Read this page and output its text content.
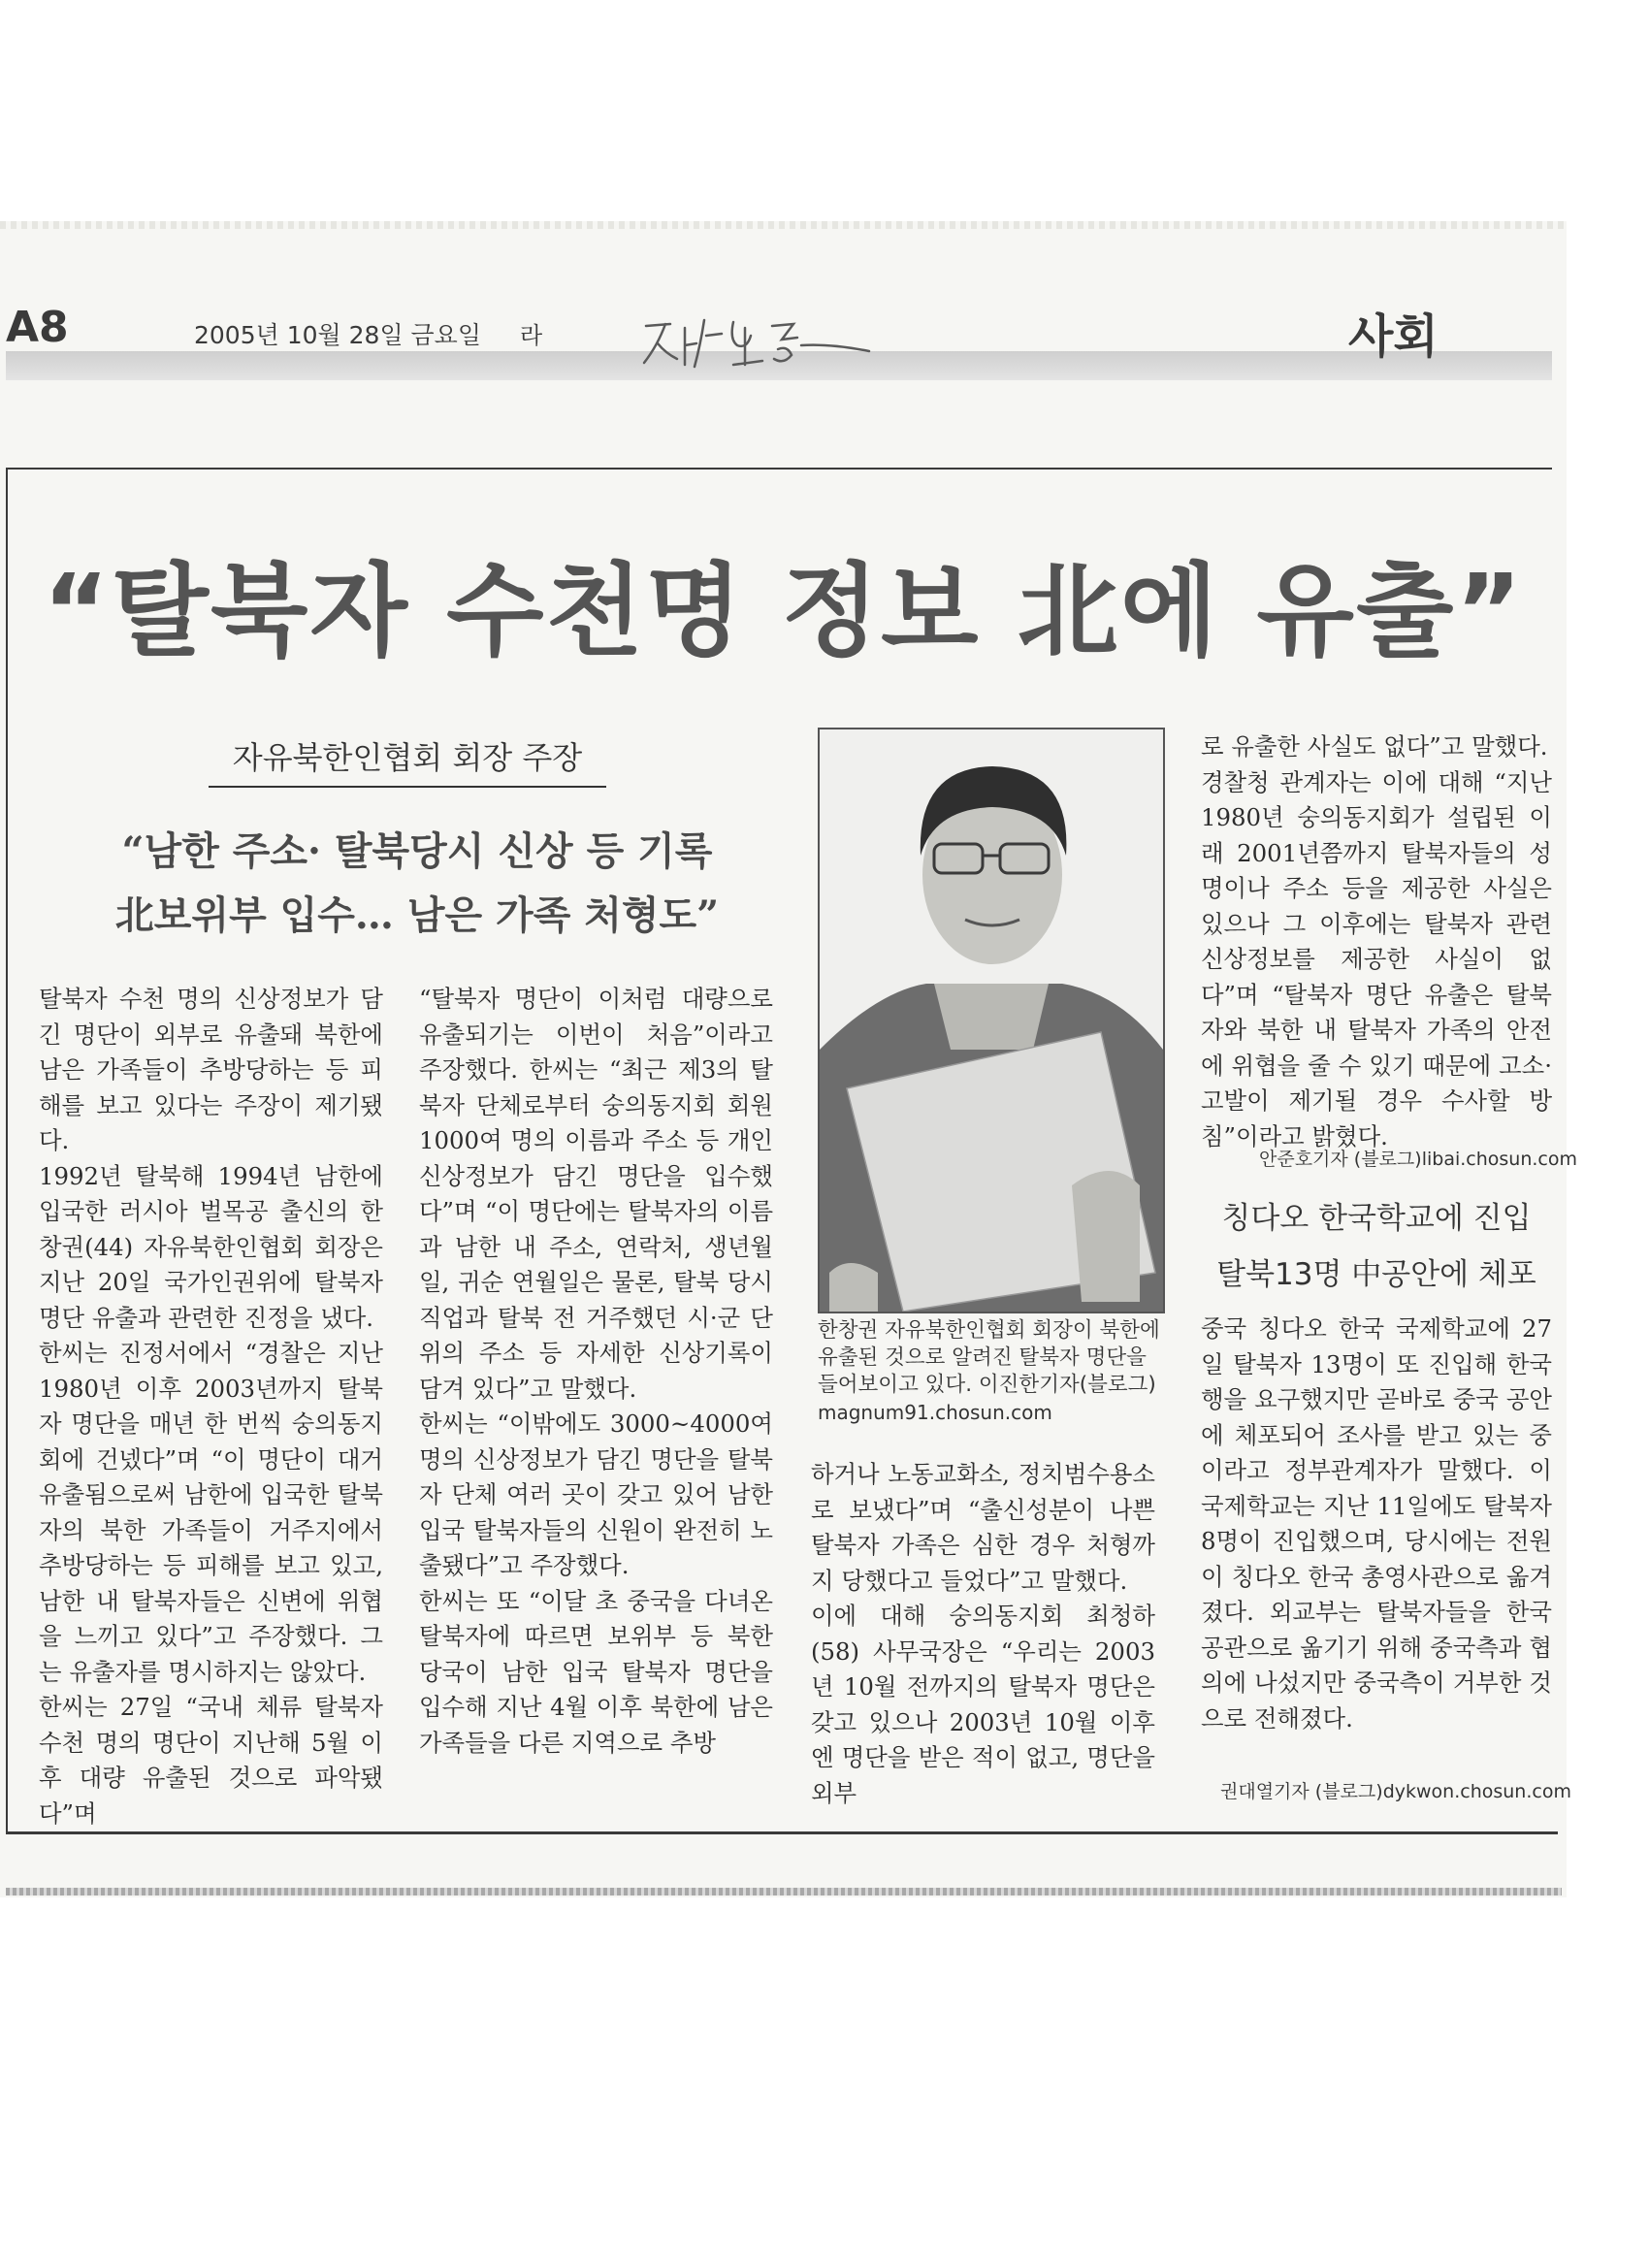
A8	2005년 10월 28일 금요일 라	사회
“탈북자 수천명 정보 北에 유출”
자유북한인협회 회장 주장
“남한 주소· 탈북당시 신상 등 기록
北보위부 입수… 남은 가족 처형도”

탈북자 수천 명의 신상정보가 담긴 명단이 외부로 유출돼 북한에 남은 가족들이 추방당하는 등 피해를 보고 있다는 주장이 제기됐다.
1992년 탈북해 1994년 남한에 입국한 러시아 벌목공 출신의 한창권(44) 자유북한인협회 회장은 지난 20일 국가인권위에 탈북자 명단 유출과 관련한 진정을 냈다.
한씨는 진정서에서 “경찰은 지난 1980년 이후 2003년까지 탈북자 명단을 매년 한 번씩 숭의동지회에 건넸다”며 “이 명단이 대거 유출됨으로써 남한에 입국한 탈북자의 북한 가족들이 거주지에서 추방당하는 등 피해를 보고 있고, 남한 내 탈북자들은 신변에 위협을 느끼고 있다”고 주장했다. 그는 유출자를 명시하지는 않았다.
한씨는 27일 “국내 체류 탈북자 수천 명의 명단이 지난해 5월 이후 대량 유출된 것으로 파악됐다”며

“탈북자 명단이 이처럼 대량으로 유출되기는 이번이 처음”이라고 주장했다. 한씨는 “최근 제3의 탈북자 단체로부터 숭의동지회 회원 1000여 명의 이름과 주소 등 개인 신상정보가 담긴 명단을 입수했다”며 “이 명단에는 탈북자의 이름과 남한 내 주소, 연락처, 생년월일, 귀순 연월일은 물론, 탈북 당시 직업과 탈북 전 거주했던 시·군 단위의 주소 등 자세한 신상기록이 담겨 있다”고 말했다.
한씨는 “이밖에도 3000~4000여 명의 신상정보가 담긴 명단을 탈북자 단체 여러 곳이 갖고 있어 남한 입국 탈북자들의 신원이 완전히 노출됐다”고 주장했다.
한씨는 또 “이달 초 중국을 다녀온 탈북자에 따르면 보위부 등 북한 당국이 남한 입국 탈북자 명단을 입수해 지난 4월 이후 북한에 남은 가족들을 다른 지역으로 추방

한창권 자유북한인협회 회장이 북한에 유출된 것으로 알려진 탈북자 명단을 들어보이고 있다. 이진한기자(블로그)
magnum91.chosun.com

하거나 노동교화소, 정치범수용소로 보냈다”며 “출신성분이 나쁜 탈북자 가족은 심한 경우 처형까지 당했다고 들었다”고 말했다.
이에 대해 숭의동지회 최청하(58) 사무국장은 “우리는 2003년 10월 전까지의 탈북자 명단은 갖고 있으나 2003년 10월 이후엔 명단을 받은 적이 없고, 명단을 외부

로 유출한 사실도 없다”고 말했다.
경찰청 관계자는 이에 대해 “지난 1980년 숭의동지회가 설립된 이래 2001년쯤까지 탈북자들의 성명이나 주소 등을 제공한 사실은 있으나 그 이후에는 탈북자 관련 신상정보를 제공한 사실이 없다”며 “탈북자 명단 유출은 탈북자와 북한 내 탈북자 가족의 안전에 위협을 줄 수 있기 때문에 고소·고발이 제기될 경우 수사할 방침”이라고 밝혔다.

안준호기자 (블로그)libai.chosun.com
칭다오 한국학교에 진입
탈북13명 中공안에 체포

중국 칭다오 한국 국제학교에 27일 탈북자 13명이 또 진입해 한국행을 요구했지만 곧바로 중국 공안에 체포되어 조사를 받고 있는 중이라고 정부관계자가 말했다. 이 국제학교는 지난 11일에도 탈북자 8명이 진입했으며, 당시에는 전원이 칭다오 한국 총영사관으로 옮겨졌다. 외교부는 탈북자들을 한국 공관으로 옮기기 위해 중국측과 협의에 나섰지만 중국측이 거부한 것으로 전해졌다.

권대열기자 (블로그)dykwon.chosun.com
